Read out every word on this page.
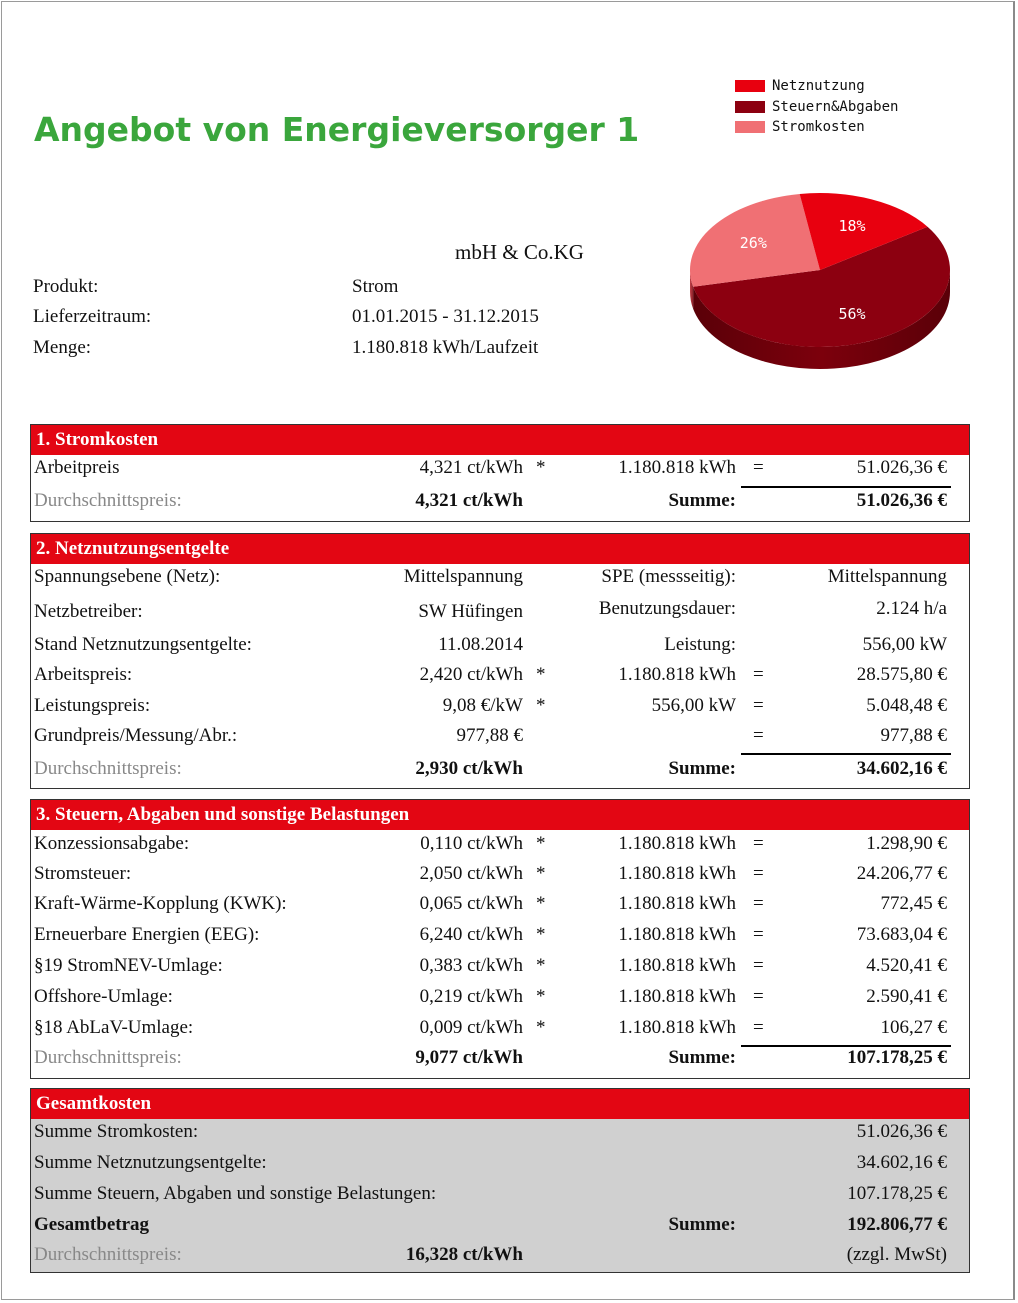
Angebot von Energieversorger 1
Netznutzung
Steuern&Abgaben
Stromkosten
56%
26%
18%
mbH & Co.KG
Produkt:	Strom
Lieferzeitraum:	01.01.2015 - 31.12.2015
Menge:	1.180.818 kWh/Laufzeit
1. Stromkosten
Arbeitpreis	4,321 ct/kWh *	1.180.818 kWh =	51.026,36 €
Durchschnittspreis:	4,321 ct/kWh	Summe:	51.026,36 €
2. Netznutzungsentgelte
Spannungsebene (Netz):	Mittelspannung	SPE (messseitig):	Mittelspannung
Netzbetreiber:	SW Hüfingen	Benutzungsdauer:	2.124 h/a
Stand Netznutzungsentgelte:	11.08.2014	Leistung:	556,00 kW
Arbeitspreis:	2,420 ct/kWh *	1.180.818 kWh =	28.575,80 €
Leistungspreis:	9,08 €/kW *	556,00 kW =	5.048,48 €
Grundpreis/Messung/Abr.:	977,88 €	=	977,88 €
Durchschnittspreis:	2,930 ct/kWh	Summe:	34.602,16 €
3. Steuern, Abgaben und sonstige Belastungen
Konzessionsabgabe:	0,110 ct/kWh *	1.180.818 kWh =	1.298,90 €
Stromsteuer:	2,050 ct/kWh *	1.180.818 kWh =	24.206,77 €
Kraft-Wärme-Kopplung (KWK):	0,065 ct/kWh *	1.180.818 kWh =	772,45 €
Erneuerbare Energien (EEG):	6,240 ct/kWh *	1.180.818 kWh =	73.683,04 €
§19 StromNEV-Umlage:	0,383 ct/kWh *	1.180.818 kWh =	4.520,41 €
Offshore-Umlage:	0,219 ct/kWh *	1.180.818 kWh =	2.590,41 €
§18 AbLaV-Umlage:	0,009 ct/kWh *	1.180.818 kWh =	106,27 €
Durchschnittspreis:	9,077 ct/kWh	Summe:	107.178,25 €
Gesamtkosten
Summe Stromkosten:	51.026,36 €
Summe Netznutzungsentgelte:	34.602,16 €
Summe Steuern, Abgaben und sonstige Belastungen:	107.178,25 €
Gesamtbetrag	Summe:	192.806,77 €
Durchschnittspreis:	16,328 ct/kWh	(zzgl. MwSt)
